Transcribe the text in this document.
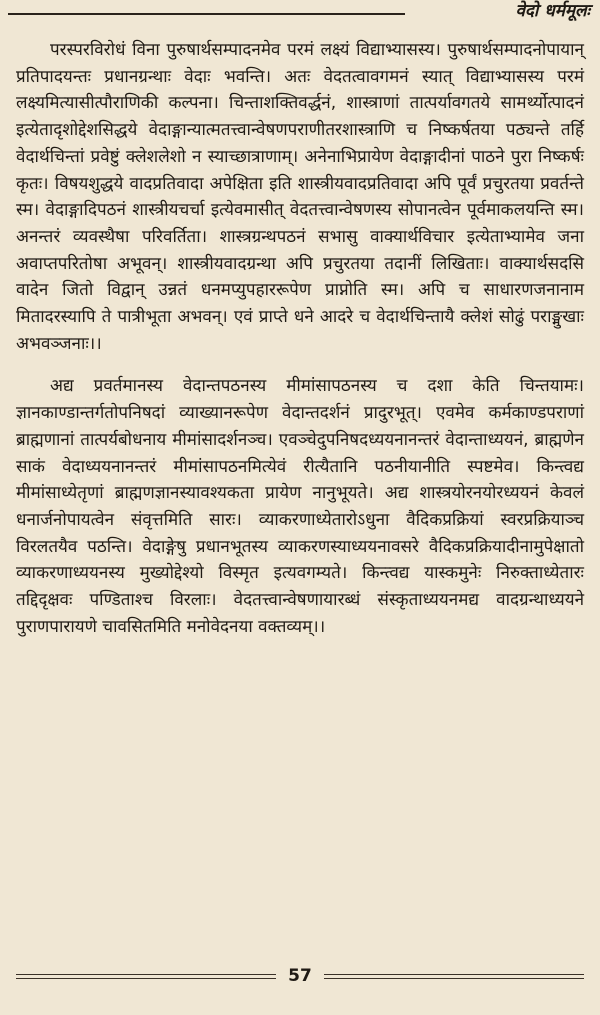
वेदो धर्ममूलः

परस्परविरोधं विना पुरुषार्थसम्पादनमेव परमं लक्ष्यं विद्याभ्यासस्य। पुरुषार्थसम्पादनोपायान् प्रतिपादयन्तः प्रधानग्रन्थाः वेदाः भवन्ति। अतः वेदतत्वावगमनं स्यात् विद्याभ्यासस्य परमं लक्ष्यमित्यासीत्पौराणिकी कल्पना। चिन्ताशक्तिवर्द्धनं, शास्त्राणां तात्पर्यावगतये सामर्थ्योत्पादनं इत्येतादृशोद्देशसिद्धये वेदाङ्गान्यात्मतत्त्वान्वेषणपराणीतरशास्त्राणि च निष्कर्षतया पठ्यन्ते तर्हि वेदार्थचिन्तां प्रवेष्टुं क्लेशलेशो न स्याच्छात्राणाम्। अनेनाभिप्रायेण वेदाङ्गादीनां पाठने पुरा निष्कर्षः कृतः। विषयशुद्धये वादप्रतिवादा अपेक्षिता इति शास्त्रीयवादप्रतिवादा अपि पूर्वं प्रचुरतया प्रवर्तन्ते स्म। वेदाङ्गादिपठनं शास्त्रीयचर्चा इत्येवमासीत् वेदतत्त्वान्वेषणस्य सोपानत्वेन पूर्वमाकलयन्ति स्म। अनन्तरं व्यवस्थैषा परिवर्तिता। शास्त्रग्रन्थपठनं सभासु वाक्यार्थविचार इत्येताभ्यामेव जना अवाप्तपरितोषा अभूवन्। शास्त्रीयवादग्रन्था अपि प्रचुरतया तदानीं लिखिताः। वाक्यार्थसदसि वादेन जितो विद्वान् उन्नतं धनमप्युपहाररूपेण प्राप्नोति स्म। अपि च साधारणजनानाम मितादरस्यापि ते पात्रीभूता अभवन्। एवं प्राप्ते धने आदरे च वेदार्थचिन्तायै क्लेशं सोढुं पराङ्मुखाः अभवञ्जनाः।।

अद्य प्रवर्तमानस्य वेदान्तपठनस्य मीमांसापठनस्य च दशा केति चिन्तयामः। ज्ञानकाण्डान्तर्गतोपनिषदां व्याख्यानरूपेण वेदान्तदर्शनं प्रादुरभूत्। एवमेव कर्मकाण्डपराणां ब्राह्मणानां तात्पर्यबोधनाय मीमांसादर्शनञ्च। एवञ्चेदुपनिषदध्ययनानन्तरं वेदान्ताध्ययनं, ब्राह्मणेन साकं वेदाध्ययनानन्तरं मीमांसापठनमित्येवं रीत्यैतानि पठनीयानीति स्पष्टमेव। किन्त्वद्य मीमांसाध्येतृणां ब्राह्मणज्ञानस्यावश्यकता प्रायेण नानुभूयते। अद्य शास्त्रयोरनयोरध्ययनं केवलं धनार्जनोपायत्वेन संवृत्तमिति सारः। व्याकरणाध्येतारोऽधुना वैदिकप्रक्रियां स्वरप्रक्रियाञ्च विरलतयैव पठन्ति। वेदाङ्गेषु प्रधानभूतस्य व्याकरणस्याध्ययनावसरे वैदिकप्रक्रियादीनामुपेक्षातो व्याकरणाध्ययनस्य मुख्योद्देश्यो विस्मृत इत्यवगम्यते। किन्त्वद्य यास्कमुनेः निरुक्ताध्येतारः तद्दिदृक्षवः पण्डिताश्च विरलाः। वेदतत्त्वान्वेषणायारब्धं संस्कृताध्ययनमद्य वादग्रन्थाध्ययने पुराणपारायणे चावसितमिति मनोवेदनया वक्तव्यम्।।

57
